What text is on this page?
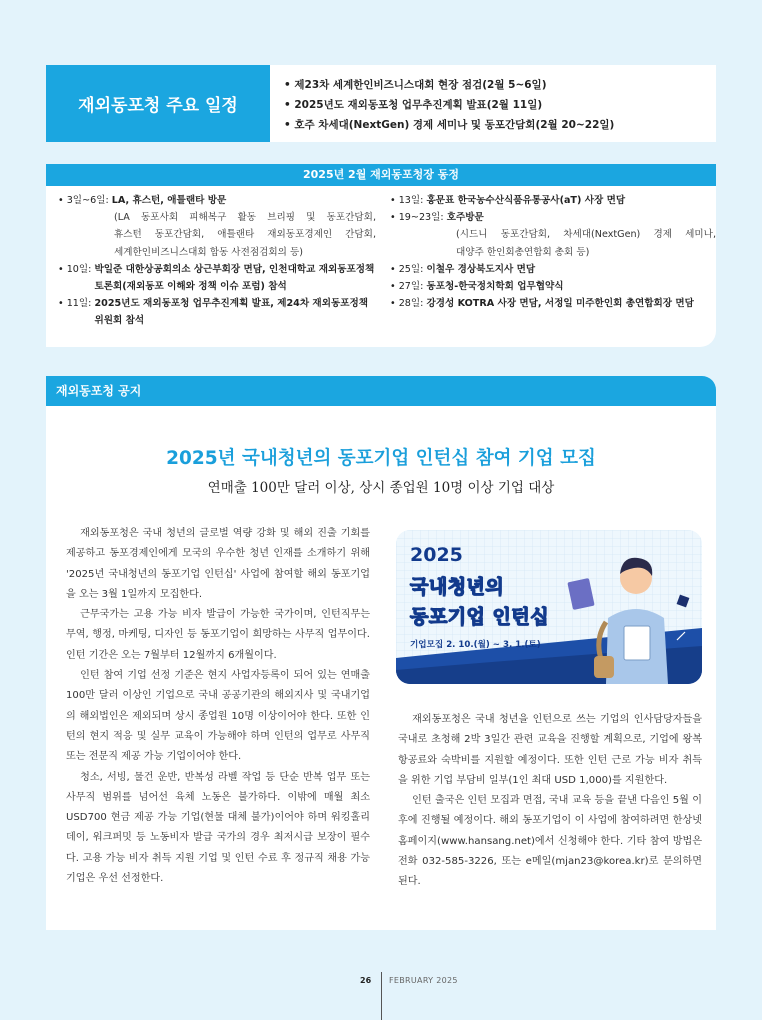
재외동포청 주요 일정
• 제23차 세계한인비즈니스대회 현장 점검(2월 5~6일)
• 2025년도 재외동포청 업무추진계획 발표(2월 11일)
• 호주 차세대(NextGen) 경제 세미나 및 동포간담회(2월 20~22일)
2025년 2월 재외동포청장 동정
• 3일~6일:
LA, 휴스턴, 애틀랜타 방문
(LA 동포사회 피해복구 활동 브리핑 및 동포간담회,
휴스턴 동포간담회, 애틀랜타 재외동포경제인 간담회,
세계한인비즈니스대회 합동 사전점검회의 등)
• 10일:
박일준 대한상공회의소 상근부회장 면담, 인천대학교 재외동포정책 토론회(재외동포 이해와 정책 이슈 포럼) 참석
• 11일:
2025년도 재외동포청 업무추진계획 발표, 제24차 재외동포정책위원회 참석
• 13일:
홍문표 한국농수산식품유통공사(aT) 사장 면담
• 19~23일:
호주방문
(시드니 동포간담회, 차세대(NextGen) 경제 세미나,
대양주 한인회총연합회 총회 등)
• 25일:
이철우 경상북도지사 면담
• 27일:
동포청-한국정치학회 업무협약식
• 28일:
강경성 KOTRA 사장 면담, 서정일 미주한인회 총연합회장 면담
재외동포청 공지
2025년 국내청년의 동포기업 인턴십 참여 기업 모집
연매출 100만 달러 이상, 상시 종업원 10명 이상 기업 대상

재외동포청은 국내 청년의 글로벌 역량 강화 및 해외 진출 기회를 제공하고 동포경제인에게 모국의 우수한 청년 인재를 소개하기 위해 '2025년 국내청년의 동포기업 인턴십' 사업에 참여할 해외 동포기업을 오는 3월 1일까지 모집한다.

근무국가는 고용 가능 비자 발급이 가능한 국가이며, 인턴직무는 무역, 행정, 마케팅, 디자인 등 동포기업이 희망하는 사무직 업무이다. 인턴 기간은 오는 7월부터 12월까지 6개월이다.

인턴 참여 기업 선정 기준은 현지 사업자등록이 되어 있는 연매출 100만 달러 이상인 기업으로 국내 공공기관의 해외지사 및 국내기업의 해외법인은 제외되며 상시 종업원 10명 이상이어야 한다. 또한 인턴의 현지 적응 및 실무 교육이 가능해야 하며 인턴의 업무로 사무직 또는 전문직 제공 가능 기업이어야 한다.

청소, 서빙, 물건 운반, 반복성 라벨 작업 등 단순 반복 업무 또는 사무직 범위를 넘어선 육체 노동은 불가하다. 이밖에 매월 최소 USD700 현금 제공 가능 기업(현물 대체 불가)이어야 하며 워킹홀리데이, 워크퍼밋 등 노동비자 발급 국가의 경우 최저시급 보장이 필수다. 고용 가능 비자 취득 지원 기업 및 인턴 수료 후 정규직 채용 가능 기업은 우선 선정한다.

2025
국내청년의
동포기업 인턴십
기업모집 2. 10.(월) ~ 3. 1.(토)

재외동포청은 국내 청년을 인턴으로 쓰는 기업의 인사담당자들을 국내로 초청해 2박 3일간 관련 교육을 진행할 계획으로, 기업에 왕복 항공료와 숙박비를 지원할 예정이다. 또한 인턴 근로 가능 비자 취득을 위한 기업 부담비 일부(1인 최대 USD 1,000)를 지원한다.

인턴 출국은 인턴 모집과 면접, 국내 교육 등을 끝낸 다음인 5월 이후에 진행될 예정이다. 해외 동포기업이 이 사업에 참여하려면 한상넷 홈페이지(www.hansang.net)에서 신청해야 한다. 기타 참여 방법은 전화 032-585-3226, 또는 e메일(mjan23@korea.kr)로 문의하면 된다.

26 FEBRUARY 2025
